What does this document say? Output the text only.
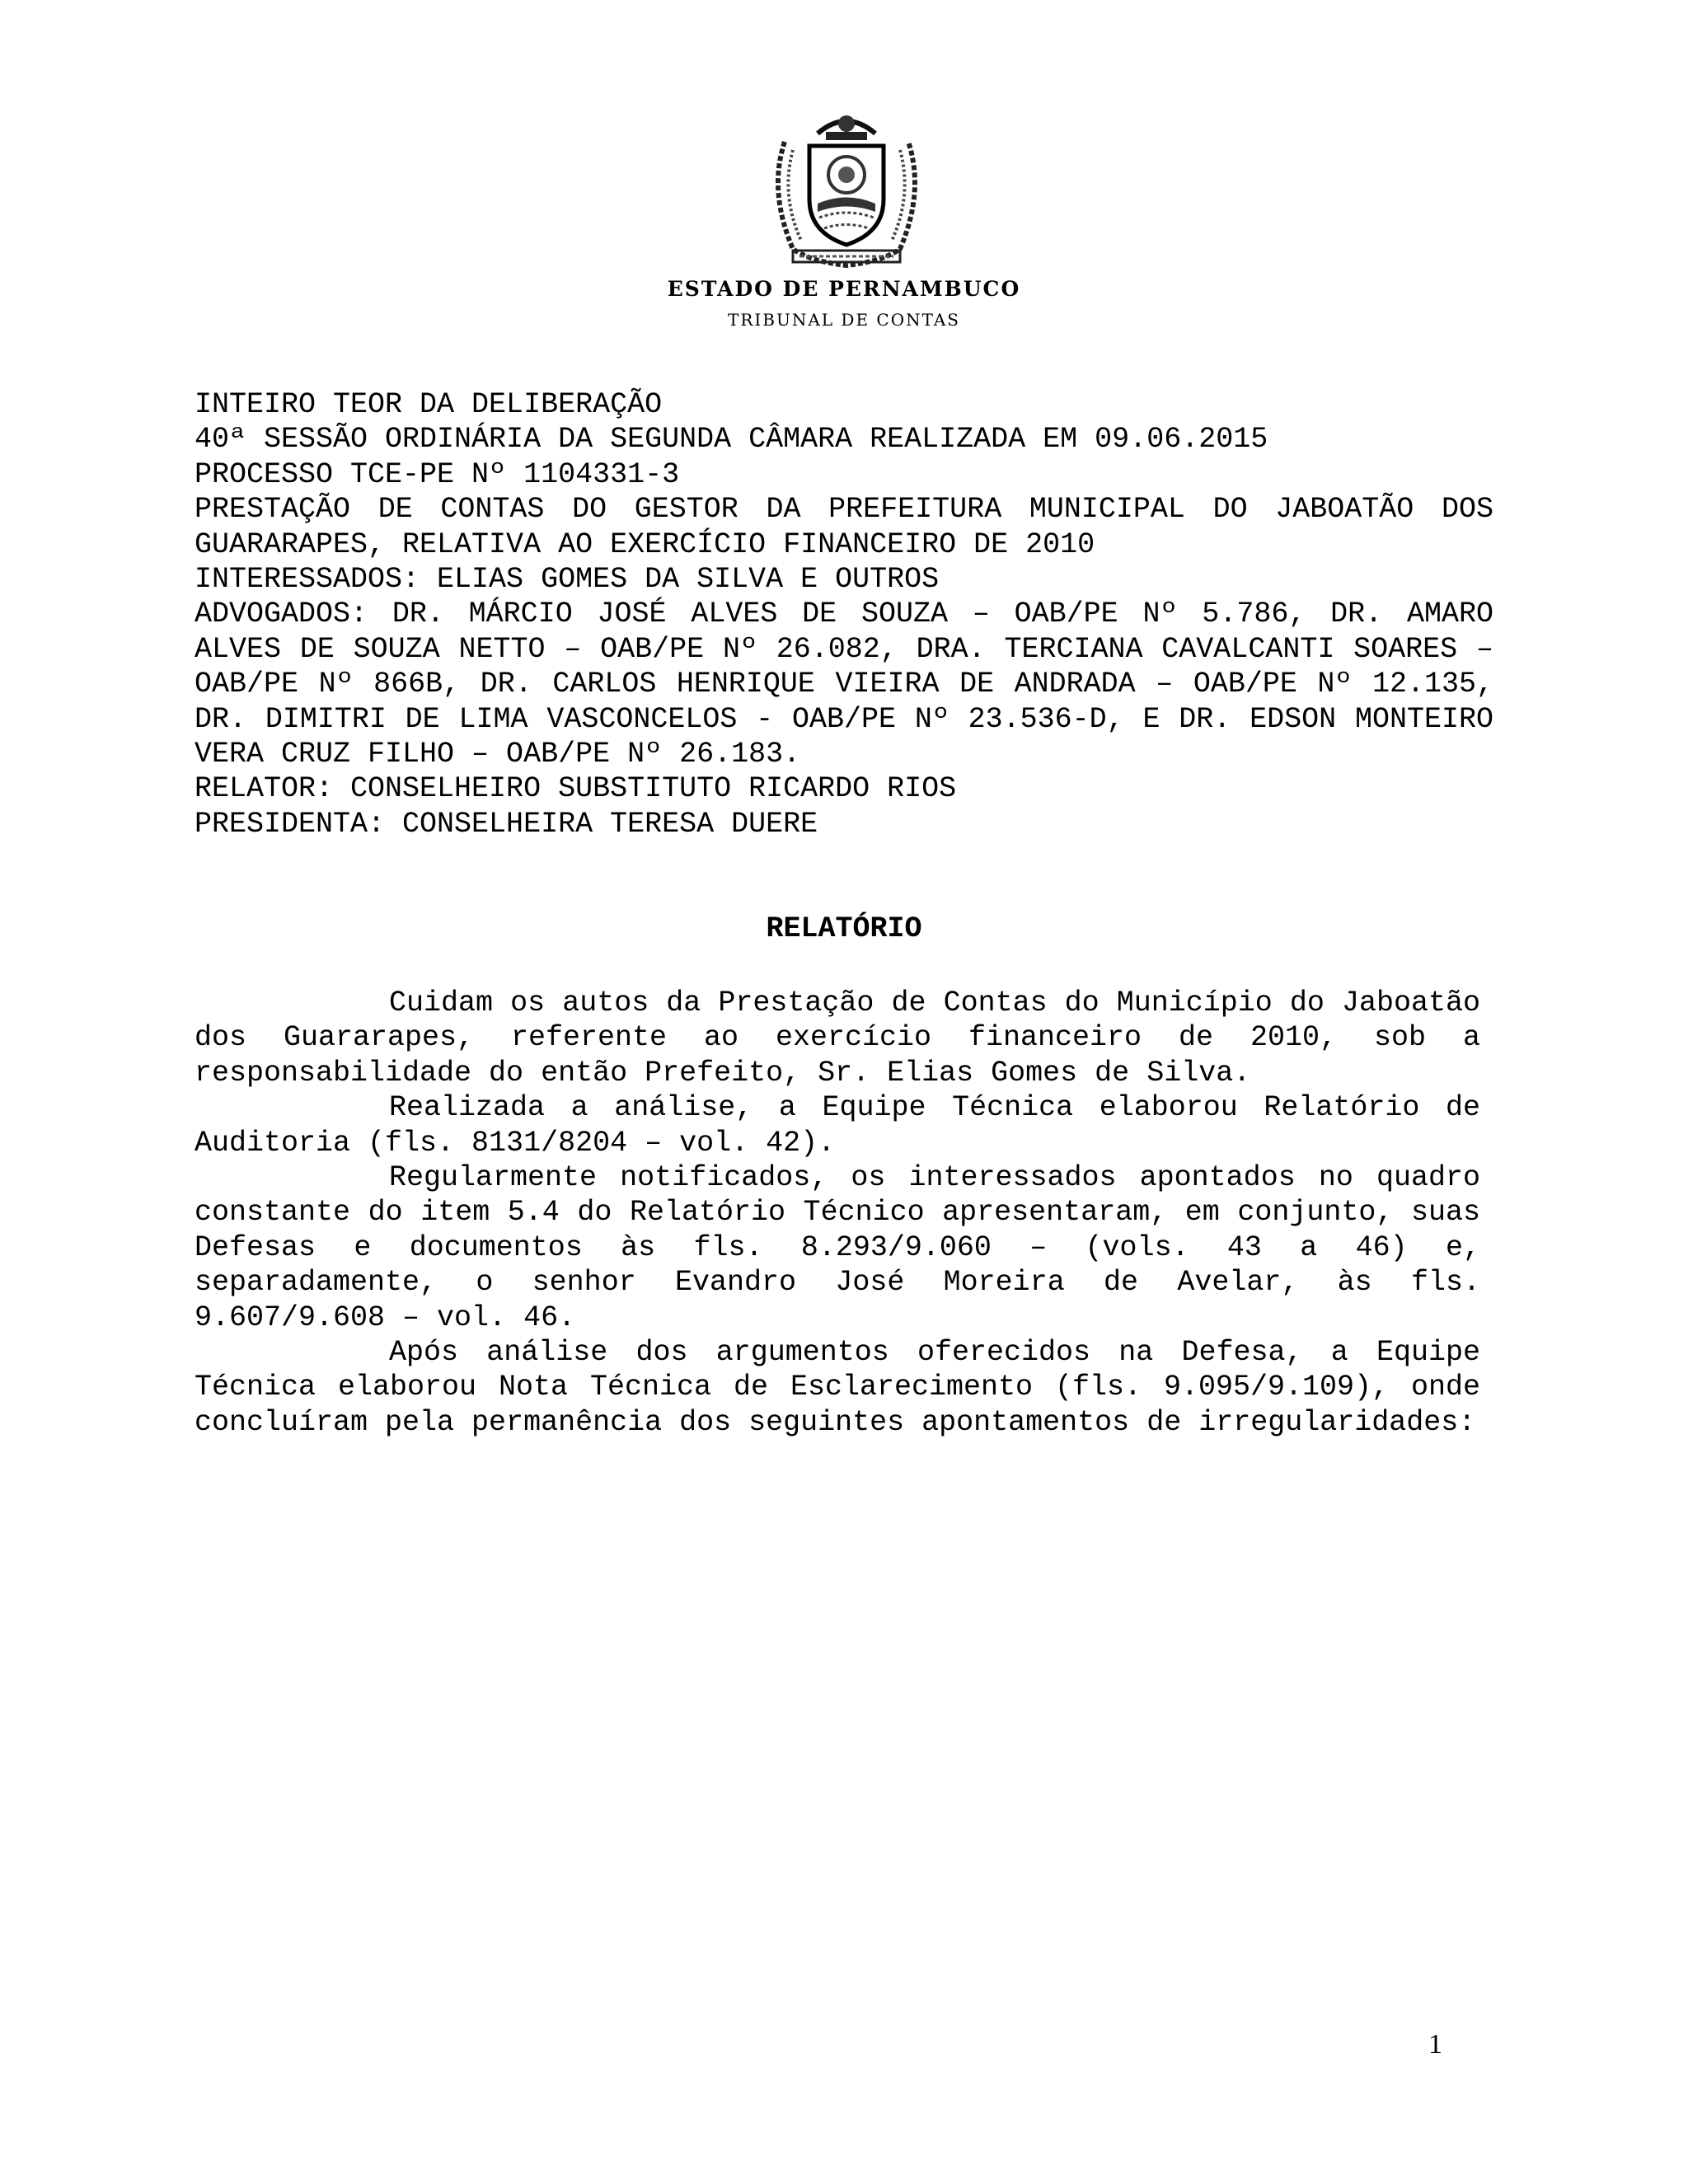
ESTADO DE PERNAMBUCO
TRIBUNAL DE CONTAS

INTEIRO TEOR DA DELIBERAÇÃO

40ª SESSÃO ORDINÁRIA DA SEGUNDA CÂMARA REALIZADA EM 09.06.2015

PROCESSO TCE-PE Nº 1104331-3

PRESTAÇÃO DE CONTAS DO GESTOR DA PREFEITURA MUNICIPAL DO JABOATÃO DOS GUARARAPES, RELATIVA AO EXERCÍCIO FINANCEIRO DE 2010

INTERESSADOS: ELIAS GOMES DA SILVA E OUTROS

ADVOGADOS: DR. MÁRCIO JOSÉ ALVES DE SOUZA – OAB/PE Nº 5.786, DR. AMARO ALVES DE SOUZA NETTO – OAB/PE Nº 26.082, DRA. TERCIANA CAVALCANTI SOARES – OAB/PE Nº 866B, DR. CARLOS HENRIQUE VIEIRA DE ANDRADA – OAB/PE Nº 12.135, DR. DIMITRI DE LIMA VASCONCELOS - OAB/PE Nº 23.536-D, E DR. EDSON MONTEIRO VERA CRUZ FILHO – OAB/PE Nº 26.183.

RELATOR: CONSELHEIRO SUBSTITUTO RICARDO RIOS

PRESIDENTA: CONSELHEIRA TERESA DUERE

RELATÓRIO

Cuidam os autos da Prestação de Contas do Município do Jaboatão dos Guararapes, referente ao exercício financeiro de 2010, sob a responsabilidade do então Prefeito, Sr. Elias Gomes de Silva.

Realizada a análise, a Equipe Técnica elaborou Relatório de Auditoria (fls. 8131/8204 – vol. 42).

Regularmente notificados, os interessados apontados no quadro constante do item 5.4 do Relatório Técnico apresentaram, em conjunto, suas Defesas e documentos às fls. 8.293/9.060 – (vols. 43 a 46) e, separadamente, o senhor Evandro José Moreira de Avelar, às fls. 9.607/9.608 – vol. 46.

Após análise dos argumentos oferecidos na Defesa, a Equipe Técnica elaborou Nota Técnica de Esclarecimento (fls. 9.095/9.109), onde concluíram pela permanência dos seguintes apontamentos de irregularidades:

1
